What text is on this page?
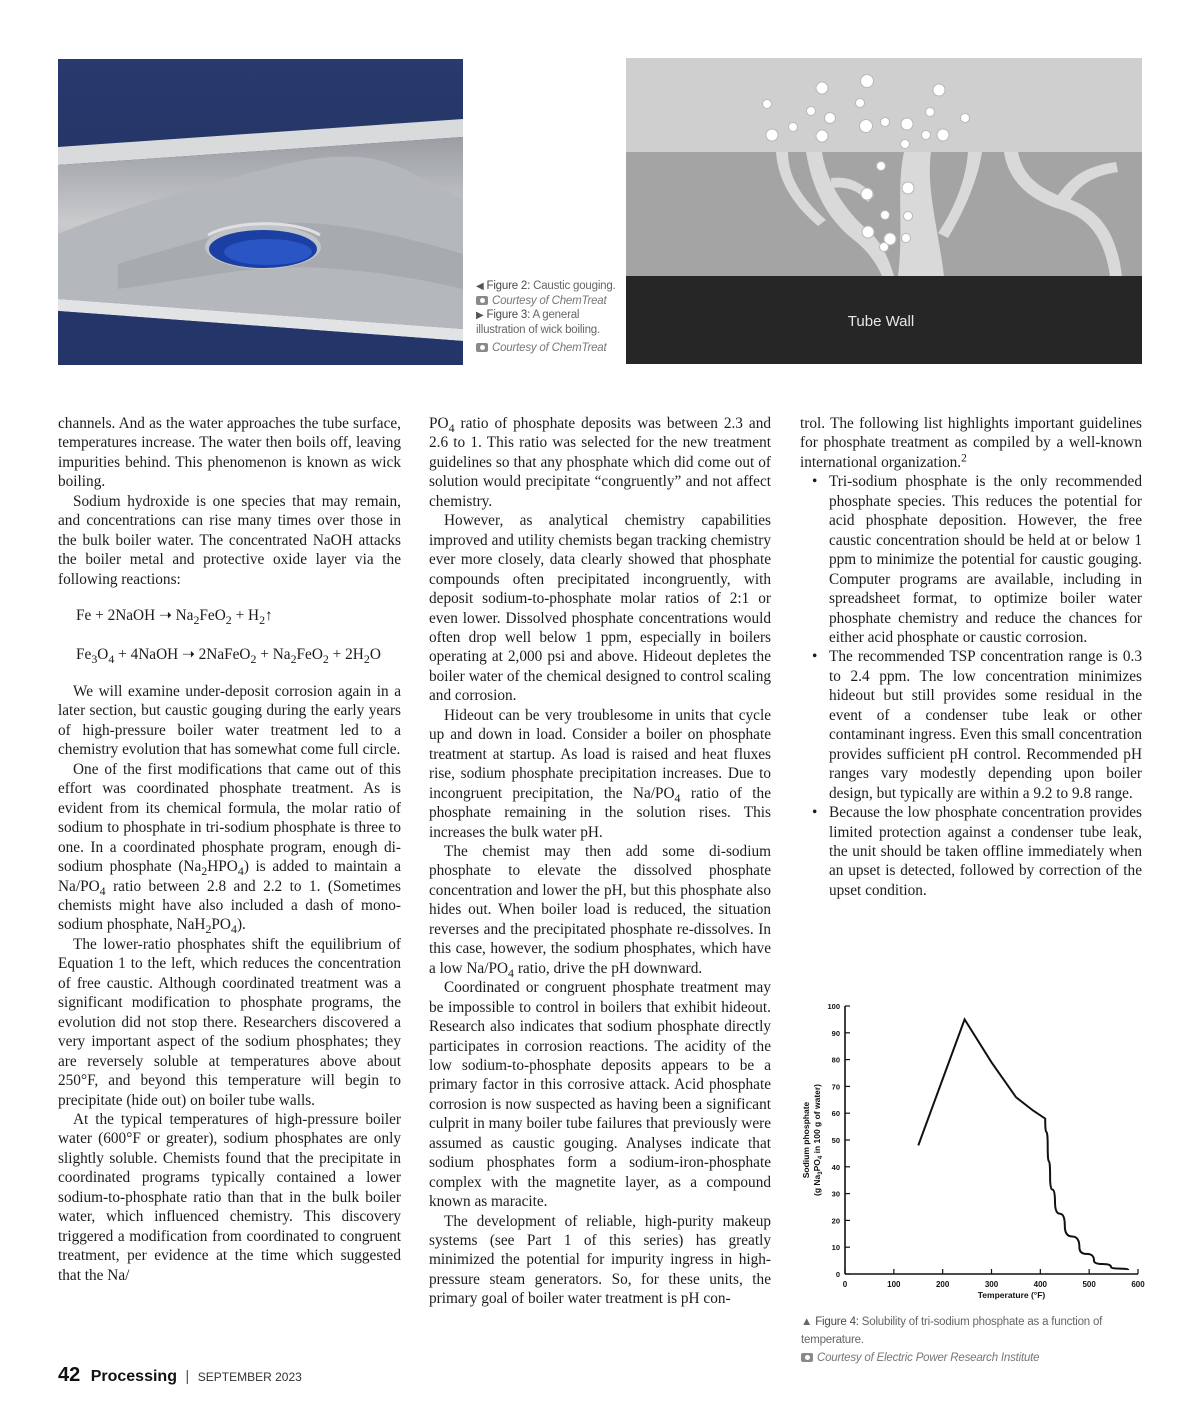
Tube Wall
◀ Figure 2: Caustic gouging.
Courtesy of ChemTreat
▶ Figure 3: A general illustration of wick boiling.
Courtesy of ChemTreat

channels. And as the water approaches the tube surface, temperatures increase. The water then boils off, leaving impurities behind. This phenomenon is known as wick boiling.

Sodium hydroxide is one species that may remain, and concentrations can rise many times over those in the bulk boiler water. The concentrated NaOH attacks the boiler metal and protective oxide layer via the following reactions:

Fe + 2NaOH ➝ $Na_2FeO_2$ + $H_2↑$
$Fe_3O_4$ + 4NaOH ➝ 2NaFeO$_2$ + $Na_2FeO_2 + 2H_2O$

We will examine under-deposit corrosion again in a later section, but caustic gouging during the early years of high-pressure boiler water treatment led to a chemistry evolution that has somewhat come full circle.

One of the first modifications that came out of this effort was coordinated phosphate treatment. As is evident from its chemical formula, the molar ratio of sodium to phosphate in tri-sodium phosphate is three to one. In a coordinated phosphate program, enough di-sodium phosphate $(Na_2HPO_4)$ is added to maintain a $Na/PO_4$ ratio between 2.8 and 2.2 to 1. (Sometimes chemists might have also included a dash of mono-sodium phosphate, $NaH_2PO_4$).

The lower-ratio phosphates shift the equilibrium of Equation 1 to the left, which reduces the concentration of free caustic. Although coordinated treatment was a significant modification to phosphate programs, the evolution did not stop there. Researchers discovered a very important aspect of the sodium phosphates; they are reversely soluble at temperatures above about 250°F, and beyond this temperature will begin to precipitate (hide out) on boiler tube walls.

At the typical temperatures of high-pressure boiler water (600°F or greater), sodium phosphates are only slightly soluble. Chemists found that the precipitate in coordinated programs typically contained a lower sodium-to-phosphate ratio than that in the bulk boiler water, which influenced chemistry. This discovery triggered a modification from coordinated to congruent treatment, per evidence at the time which suggested that the Na/

$PO_4$ ratio of phosphate deposits was between 2.3 and 2.6 to 1. This ratio was selected for the new treatment guidelines so that any phosphate which did come out of solution would precipitate “congruently” and not affect chemistry.

However, as analytical chemistry capabilities improved and utility chemists began tracking chemistry ever more closely, data clearly showed that phosphate compounds often precipitated incongruently, with deposit sodium-to-phosphate molar ratios of 2:1 or even lower. Dissolved phosphate concentrations would often drop well below 1 ppm, especially in boilers operating at 2,000 psi and above. Hideout depletes the boiler water of the chemical designed to control scaling and corrosion.

Hideout can be very troublesome in units that cycle up and down in load. Consider a boiler on phosphate treatment at startup. As load is raised and heat fluxes rise, sodium phosphate precipitation increases. Due to incongruent precipitation, the $Na/PO_4$ ratio of the phosphate remaining in the solution rises. This increases the bulk water pH.

The chemist may then add some di-sodium phosphate to elevate the dissolved phosphate concentration and lower the pH, but this phosphate also hides out. When boiler load is reduced, the situation reverses and the precipitated phosphate re-dissolves. In this case, however, the sodium phosphates, which have a low $Na/PO_4$ ratio, drive the pH downward.

Coordinated or congruent phosphate treatment may be impossible to control in boilers that exhibit hideout. Research also indicates that sodium phosphate directly participates in corrosion reactions. The acidity of the low sodium-to-phosphate deposits appears to be a primary factor in this corrosive attack. Acid phosphate corrosion is now suspected as having been a significant culprit in many boiler tube failures that previously were assumed as caustic gouging. Analyses indicate that sodium phosphates form a sodium-iron-phosphate complex with the magnetite layer, as a compound known as maracite.

The development of reliable, high-purity makeup systems (see Part 1 of this series) has greatly minimized the potential for impurity ingress in high-pressure steam generators. So, for these units, the primary goal of boiler water treatment is pH con-

trol. The following list highlights important guidelines for phosphate treatment as compiled by a well-known international organization.$^2$

• Tri-sodium phosphate is the only recommended phosphate species. This reduces the potential for acid phosphate deposition. However, the free caustic concentration should be held at or below 1 ppm to minimize the potential for caustic gouging. Computer programs are available, including in spreadsheet format, to optimize boiler water phosphate chemistry and reduce the chances for either acid phosphate or caustic corrosion.
• The recommended TSP concentration range is 0.3 to 2.4 ppm. The low concentration minimizes hideout but still provides some residual in the event of a condenser tube leak or other contaminant ingress. Even this small concentration provides sufficient pH control. Recommended pH ranges vary modestly depending upon boiler design, but typically are within a 9.2 to 9.8 range.
• Because the low phosphate concentration provides limited protection against a condenser tube leak, the unit should be taken offline immediately when an upset is detected, followed by correction of the upset condition.
0	100	200	300	400	500	600
0
10
20
30
40
50
60
70
80
90
100
Temperature (°F)
Sodium phosphate
(g $Na_3PO_4$ in 100 g of water)
▲ Figure 4: Solubility of tri-sodium phosphate as a function of temperature.
Courtesy of Electric Power Research Institute
42 Processing | SEPTEMBER 2023
